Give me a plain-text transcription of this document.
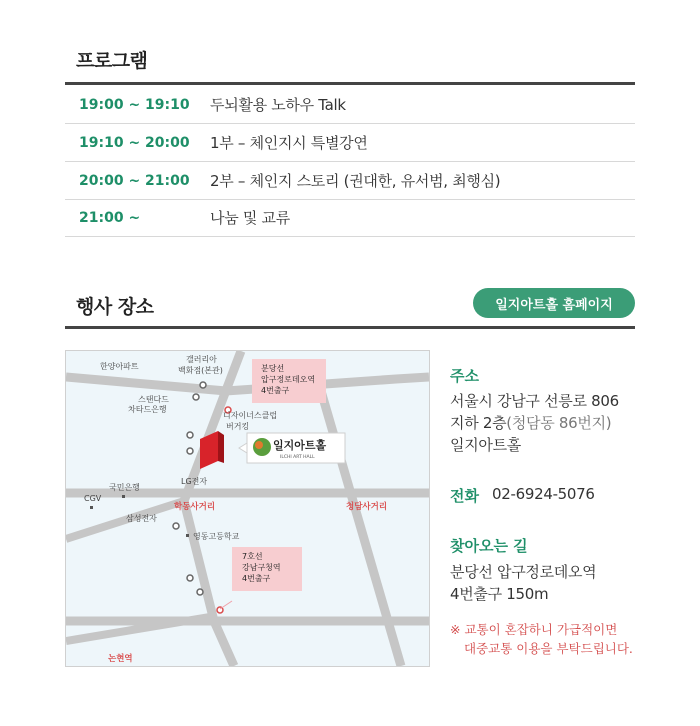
프로그램
19:00 ~ 19:10	두뇌활용 노하우 Talk
19:10 ~ 20:00	1부 – 체인지시 특별강연
20:00 ~ 21:00	2부 – 체인지 스토리 (권대한, 유서범, 최행심)
21:00 ~	나눔 및 교류
행사 장소	일지아트홀 홈페이지
한양아파트
갤러리아
백화점(본관)
스탠다드
차타드은행
디자이너스클럽
버거킹
LG전자
국민은행
CGV
삼성전자
영동고등학교
분당선
압구정로데오역
4번출구
7호선
강남구청역
4번출구
학동사거리	청담사거리
논현역
일지아트홀
ILCHI ART HALL
주소
서울시 강남구 선릉로 806
지하 2층(청담동 86번지)
일지아트홀
전화 02-6924-5076
찾아오는 길
분당선 압구정로데오역
4번출구 150m
※ 교통이 혼잡하니 가급적이면
대중교통 이용을 부탁드립니다.
